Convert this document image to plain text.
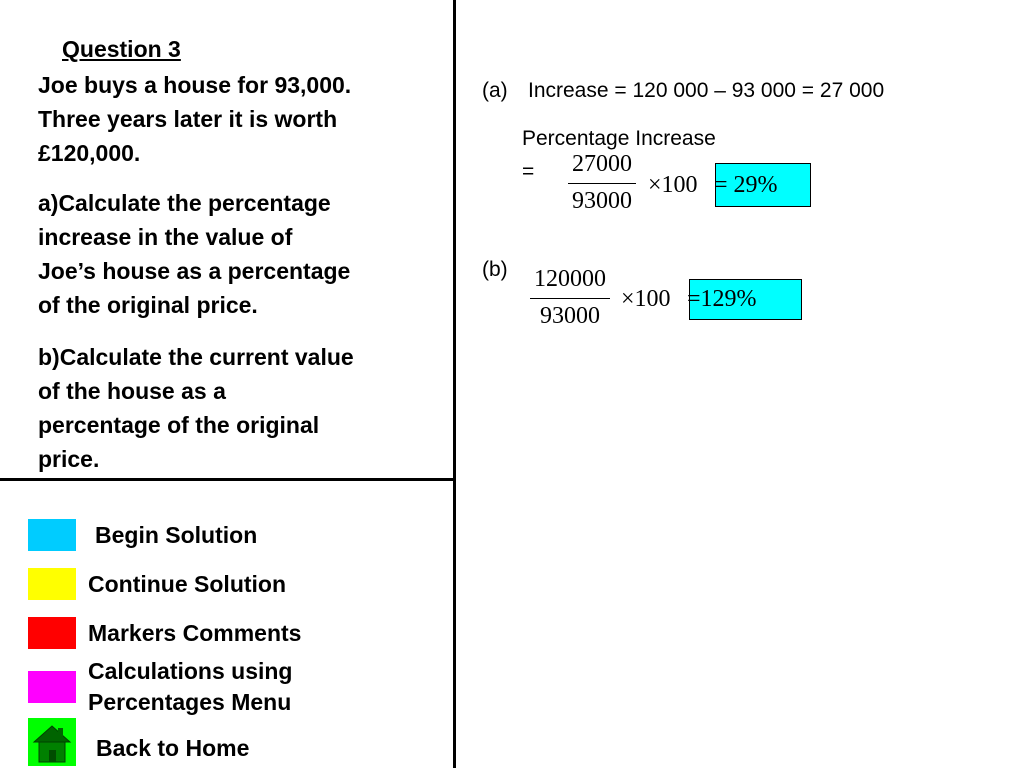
Question 3

Joe buys a house for 93,000.
Three years later it is worth
£120,000.

a)Calculate the percentage
increase in the value of
Joe’s house as a percentage
of the original price.

b)Calculate the current value
of the house as a
percentage of the original
price.

Begin Solution
Continue Solution
Markers Comments
Calculations using
Percentages Menu
Back to Home
(a) Increase = 120 000 – 93 000 = 27 000
Percentage Increase
= 27000
93000
×100 = 29%
(b) 120000
93000
×100 =129%
